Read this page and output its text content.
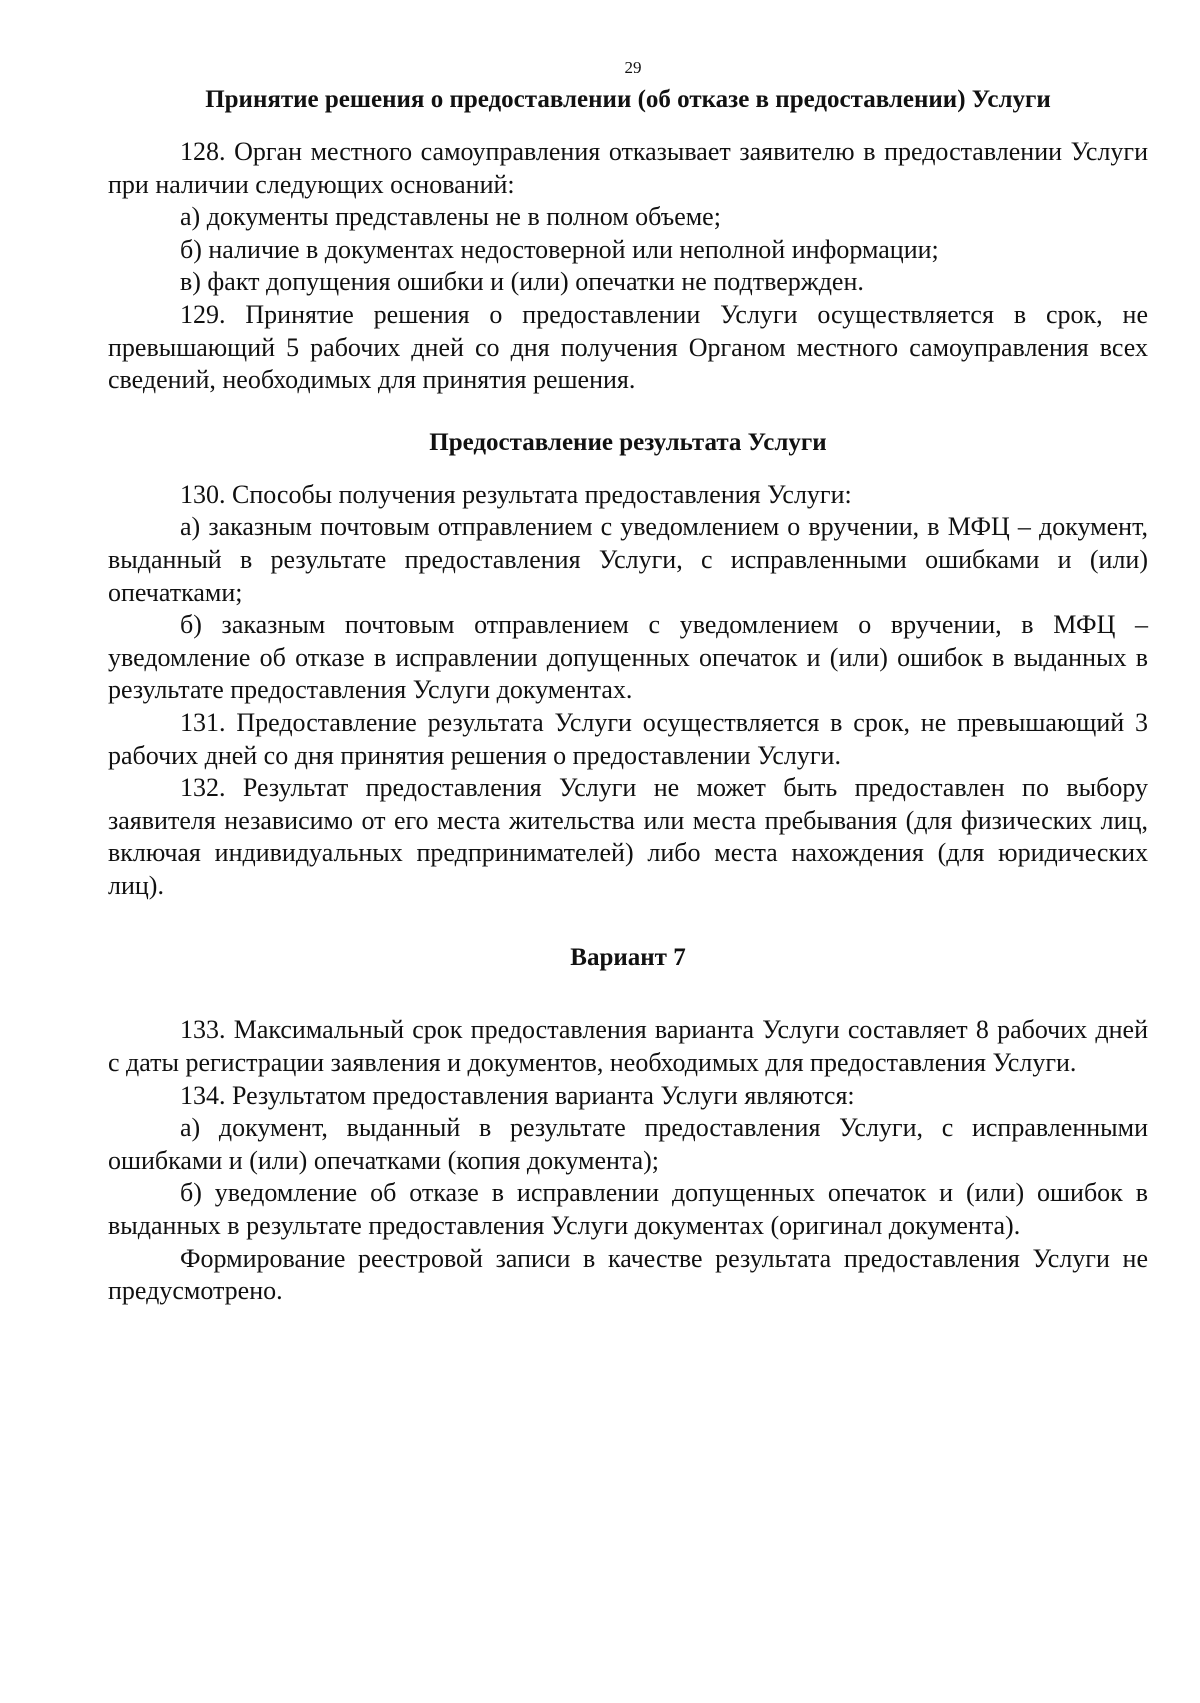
29
Принятие решения о предоставлении (об отказе в предоставлении) Услуги

128. Орган местного самоуправления отказывает заявителю в предоставлении Услуги при наличии следующих оснований:

а) документы представлены не в полном объеме;

б) наличие в документах недостоверной или неполной информации;

в) факт допущения ошибки и (или) опечатки не подтвержден.

129. Принятие решения о предоставлении Услуги осуществляется в срок, не превышающий 5 рабочих дней со дня получения Органом местного самоуправления всех сведений, необходимых для принятия решения.

Предоставление результата Услуги

130. Способы получения результата предоставления Услуги:

а) заказным почтовым отправлением с уведомлением о вручении, в МФЦ – документ, выданный в результате предоставления Услуги, с исправленными ошибками и (или) опечатками;

б) заказным почтовым отправлением с уведомлением о вручении, в МФЦ – уведомление об отказе в исправлении допущенных опечаток и (или) ошибок в выданных в результате предоставления Услуги документах.

131. Предоставление результата Услуги осуществляется в срок, не превышающий 3 рабочих дней со дня принятия решения о предоставлении Услуги.

132. Результат предоставления Услуги не может быть предоставлен по выбору заявителя независимо от его места жительства или места пребывания (для физических лиц, включая индивидуальных предпринимателей) либо места нахождения (для юридических лиц).

Вариант 7

133. Максимальный срок предоставления варианта Услуги составляет 8 рабочих дней с даты регистрации заявления и документов, необходимых для предоставления Услуги.

134. Результатом предоставления варианта Услуги являются:

а) документ, выданный в результате предоставления Услуги, с исправленными ошибками и (или) опечатками (копия документа);

б) уведомление об отказе в исправлении допущенных опечаток и (или) ошибок в выданных в результате предоставления Услуги документах (оригинал документа).

Формирование реестровой записи в качестве результата предоставления Услуги не предусмотрено.
